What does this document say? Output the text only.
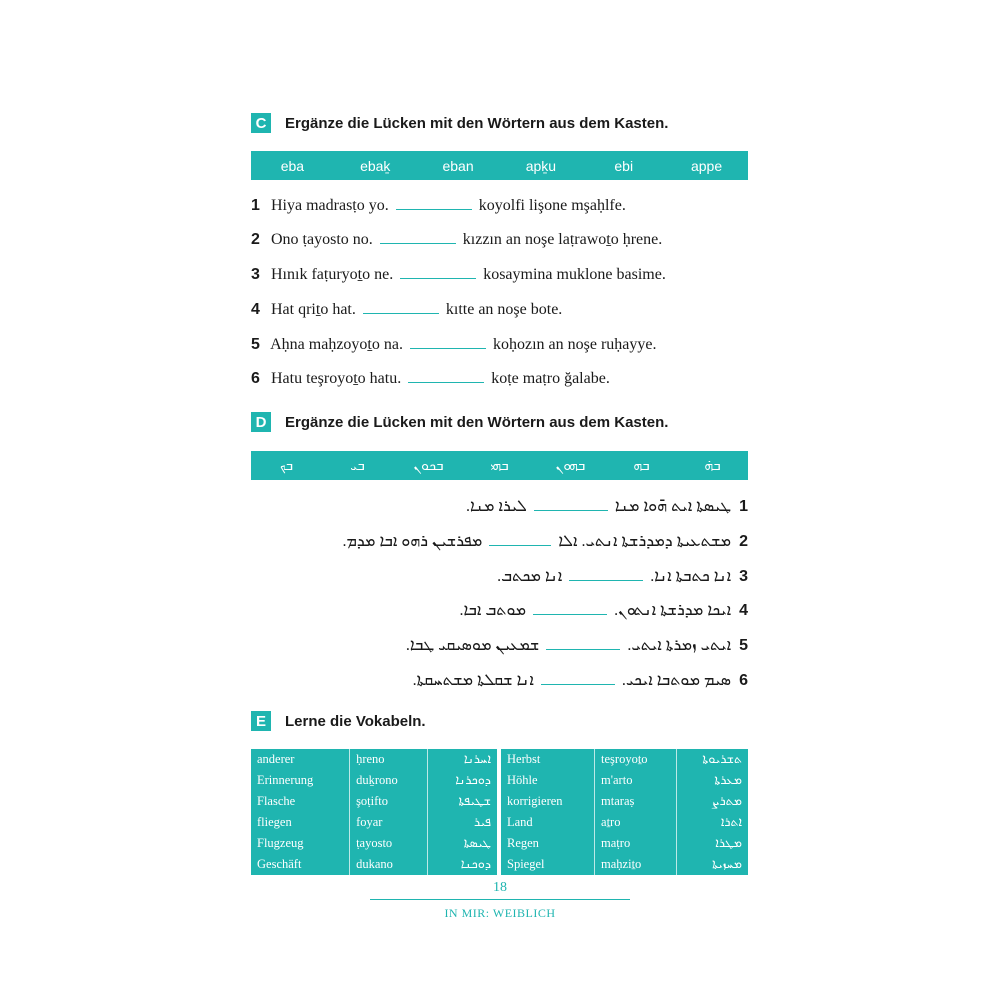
C	Ergänze die Lücken mit den Wörtern aus dem Kasten.
eba	ebaḵ	eban	apḵu	ebi	appe
1 Hiya madrasṭo yo.	koyolfi lişone mşaḥlfe.
2 Ono ṭayosto no.	kızzın an noşe laṭrawoṯo ḥrene.
3 Hınık faṭuryoṯo ne.	kosaymina muklone basime.
4 Hat qriṯo hat.	kıtte an noşe bote.
5 Aḥna maḥzoyoṯo na.	koḥozın an noşe ruḥayye.
6 Hatu teşroyoṯo hatu.	koṭe maṭro ğalabe.
D	Ergänze die Lücken mit den Wörtern aus dem Kasten.
ܒܟ	ܒܝ	ܒܟܘܢ	ܒܗܝ	ܒܗܘܢ	ܒܗ	ܒܗ̇
1 ܛܝܣܬܐ ܐܝܬ ܗ̄ܘܐ ܡܢܐ  ܠܝܪܐ ܡܢܐ.
2 ܡܫܬܥܝܬܐ ܕܡܕܪܫܬܐ ܐܢܬܝ. ܐܠܐ  ܡܦܪܫܝܢ ܪܗܘ ܐܒܐ ܡܕܡ.
3 ܐܢܐ ܟܬܒܬܐ ܐܢܐ.  ܐܢܐ ܡܟܬܒ.
4 ܐܝܟܐ ܡܕܪܫܬܐ ܐܢܬܘܢ.  ܡܘܬܒ ܐܒܐ.
5 ܐܝܬܝ ܙܡܪܬܐ ܐܝܬܝ.  ܫܡܥܝܢ ܡܘܣܝܩܝ ܛܒܐ.
6 ܣܝܡ ܡܘܬܒܐ ܐܝܟܝ.  ܐܢܐ ܫܩܠܬܐ ܡܫܬܚܩܬܐ.
E	Lerne die Vokabeln.
anderer	ḥreno	ܐܚܪܢܐ
Erinnerung	duḵrono	ܕܘܟܪܢܐ
Flasche	şoṭifto	ܫܛܝܦܬܐ
fliegen	foyar	ܦܝܪ
Flugzeug	ṭayosto	ܛܝܣܬܐ
Geschäft	dukano	ܕܘܟܢܐ
Herbst	teşroyoṯo	ܬܫܪܝܘܬܐ
Höhle	m'arto	ܡܥܪܬܐ
korrigieren	mtaraṣ	ܡܬܪܨ
Land	aṯro	ܐܬܪܐ
Regen	maṭro	ܡܛܪܐ
Spiegel	maḥziṯo	ܡܚܙܝܬܐ
18
IN MIR: WEIBLICH
